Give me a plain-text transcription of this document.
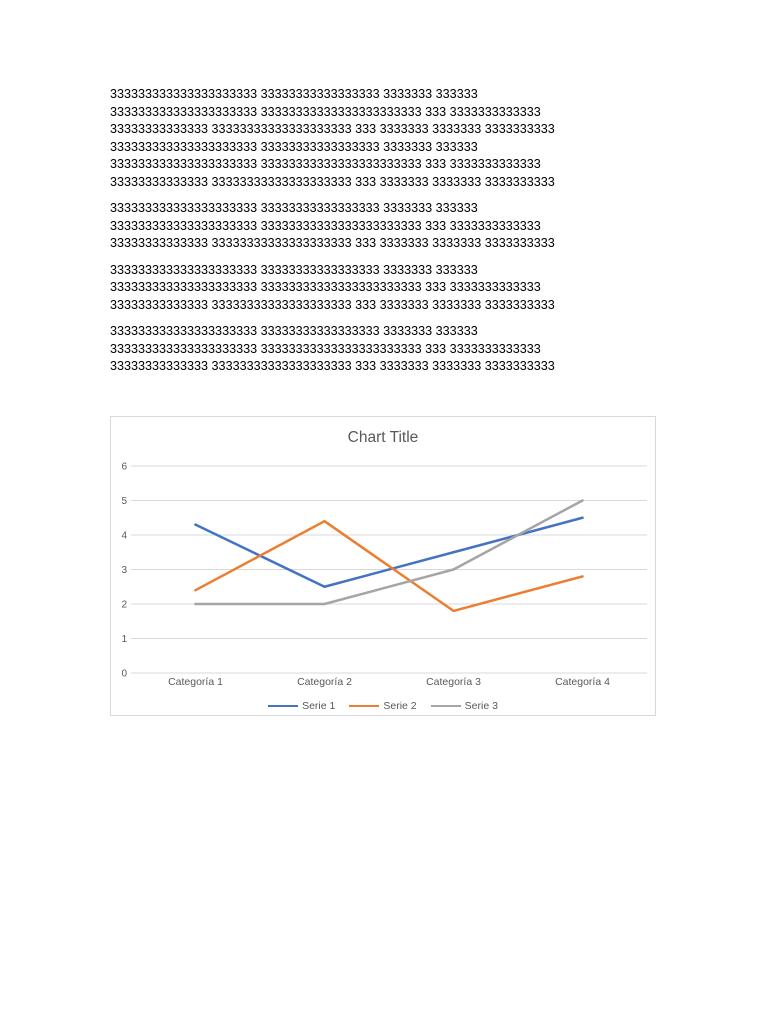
333333333333333333333 33333333333333333 3333333 333333
333333333333333333333 33333333333333333333333 333 3333333333333
33333333333333 33333333333333333333 333 3333333 3333333 3333333333
333333333333333333333 33333333333333333 3333333 333333
333333333333333333333 33333333333333333333333 333 3333333333333
33333333333333 33333333333333333333 333 3333333 3333333 3333333333
333333333333333333333 33333333333333333 3333333 333333
333333333333333333333 33333333333333333333333 333 3333333333333
33333333333333 33333333333333333333 333 3333333 3333333 3333333333
333333333333333333333 33333333333333333 3333333 333333
333333333333333333333 33333333333333333333333 333 3333333333333
33333333333333 33333333333333333333 333 3333333 3333333 3333333333
333333333333333333333 33333333333333333 3333333 333333
333333333333333333333 33333333333333333333333 333 3333333333333
33333333333333 33333333333333333333 333 3333333 3333333 3333333333
Chart Title
0
1
2
3
4
5
6
Categoría 1	Categoría 2	Categoría 3	Categoría 4
Serie 1	Serie 2	Serie 3
